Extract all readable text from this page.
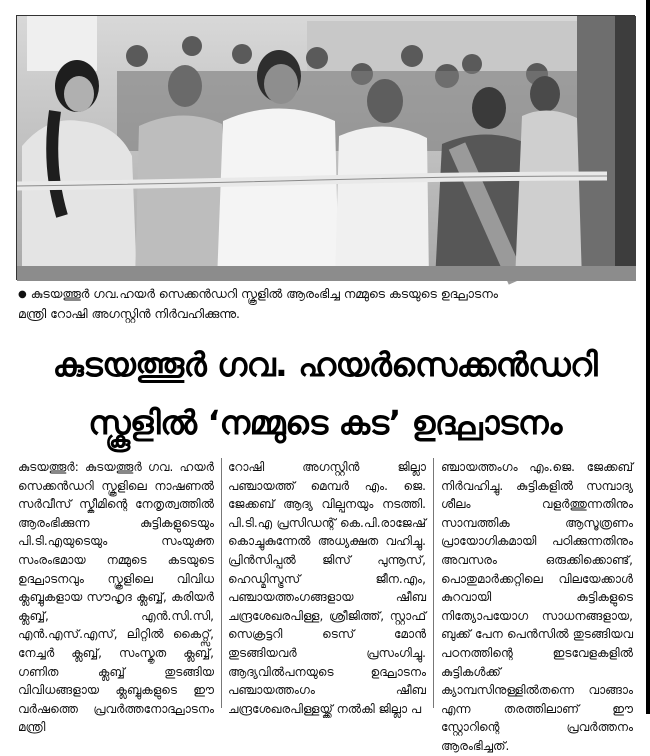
● കുടയത്തൂർ ഗവ.ഹയർ സെക്കൻഡറി സ്കൂളിൽ ആരംഭിച്ച നമ്മുടെ കടയുടെ ഉദ്ഘാടനം
മന്ത്രി റോഷി അഗസ്റ്റിൻ നിർവഹിക്കുന്നു.
കുടയത്തൂർ ഗവ. ഹയർസെക്കൻഡറി
സ്കൂളിൽ ‘നമ്മുടെ കട’ ഉദ്ഘാടനം

കുടയത്തൂർ: കുടയത്തൂർ ഗവ. ഹയർ സെക്കൻഡറി സ്കൂളിലെ നാഷണൽ സർവീസ് സ്കീമിന്റെ നേതൃത്വത്തിൽ ആരംഭിക്കുന്ന കുട്ടികളുടെയും പി.ടി.എയുടെയും സംയുക്ത സംരംഭമായ നമ്മുടെ കടയുടെ ഉദ്ഘാടനവും സ്കൂളിലെ വിവിധ ക്ലബ്ബുകളായ സൗഹൃദ ക്ലബ്ബ്, കരിയർ ക്ലബ്ബ്, എൻ.സി.സി, എൻ.എസ്.എസ്, ലിറ്റിൽ കൈറ്റ്സ്, നേച്ചർ ക്ലബ്ബ്, സംസ്കൃത ക്ലബ്ബ്, ഗണിത ക്ലബ്ബ് തുടങ്ങിയ വിവിധങ്ങളായ ക്ലബ്ബുകളുടെ ഈ വർഷത്തെ പ്രവർത്തനോദ്ഘാടനം മന്ത്രി

റോഷി അഗസ്റ്റിൻ ജില്ലാ പഞ്ചായത്ത് മെമ്പർ എം. ജെ. ജേക്കബ് ആദ്യ വില്പനയും നടത്തി. പി.ടി.എ പ്രസിഡന്റ് കെ.പി.രാജേഷ് കൊച്ചുകുന്നേൽ അധ്യക്ഷത വഹിച്ചു. പ്രിൻസിപ്പൽ ജിസ് പുന്നൂസ്, ഹെഡ്മിസ്ട്രസ് ജീന.എം, പഞ്ചായത്തംഗങ്ങളായ ഷീബ ചന്ദ്രശേഖരപിള്ള, ശ്രീജിത്ത്, സ്റ്റാഫ് സെക്രട്ടറി ടെസ് മോൻ തുടങ്ങിയവർ പ്രസംഗിച്ചു. ആദ്യവിൽപനയുടെ ഉദ്ഘാടനം പഞ്ചായത്തംഗം ഷീബ ചന്ദ്രശേഖരപിള്ളയ്ക്ക് നൽകി ജില്ലാ പ

ഞ്ചായത്തംഗം എം.ജെ. ജേക്കബ് നിർവഹിച്ചു. കുട്ടികളിൽ സമ്പാദ്യ ശീലം വളർത്തുന്നതിനും സാമ്പത്തിക ആസൂത്രണം പ്രായോഗികമായി പഠിക്കുന്നതിനും അവസരം ഒരുക്കിക്കൊണ്ട്, പൊതുമാർക്കറ്റിലെ വിലയേക്കാൾ കുറവായി കുട്ടികളുടെ നിത്യോപയോഗ സാധനങ്ങളായ, ബുക്ക് പേന പെൻസിൽ തുടങ്ങിയവ പഠനത്തിന്റെ ഇടവേളകളിൽ കുട്ടികൾക്ക് ക്യാമ്പസിനുള്ളിൽതന്നെ വാങ്ങാം എന്ന തരത്തിലാണ് ഈ സ്റ്റോറിന്റെ പ്രവർത്തനം ആരംഭിച്ചത്.
